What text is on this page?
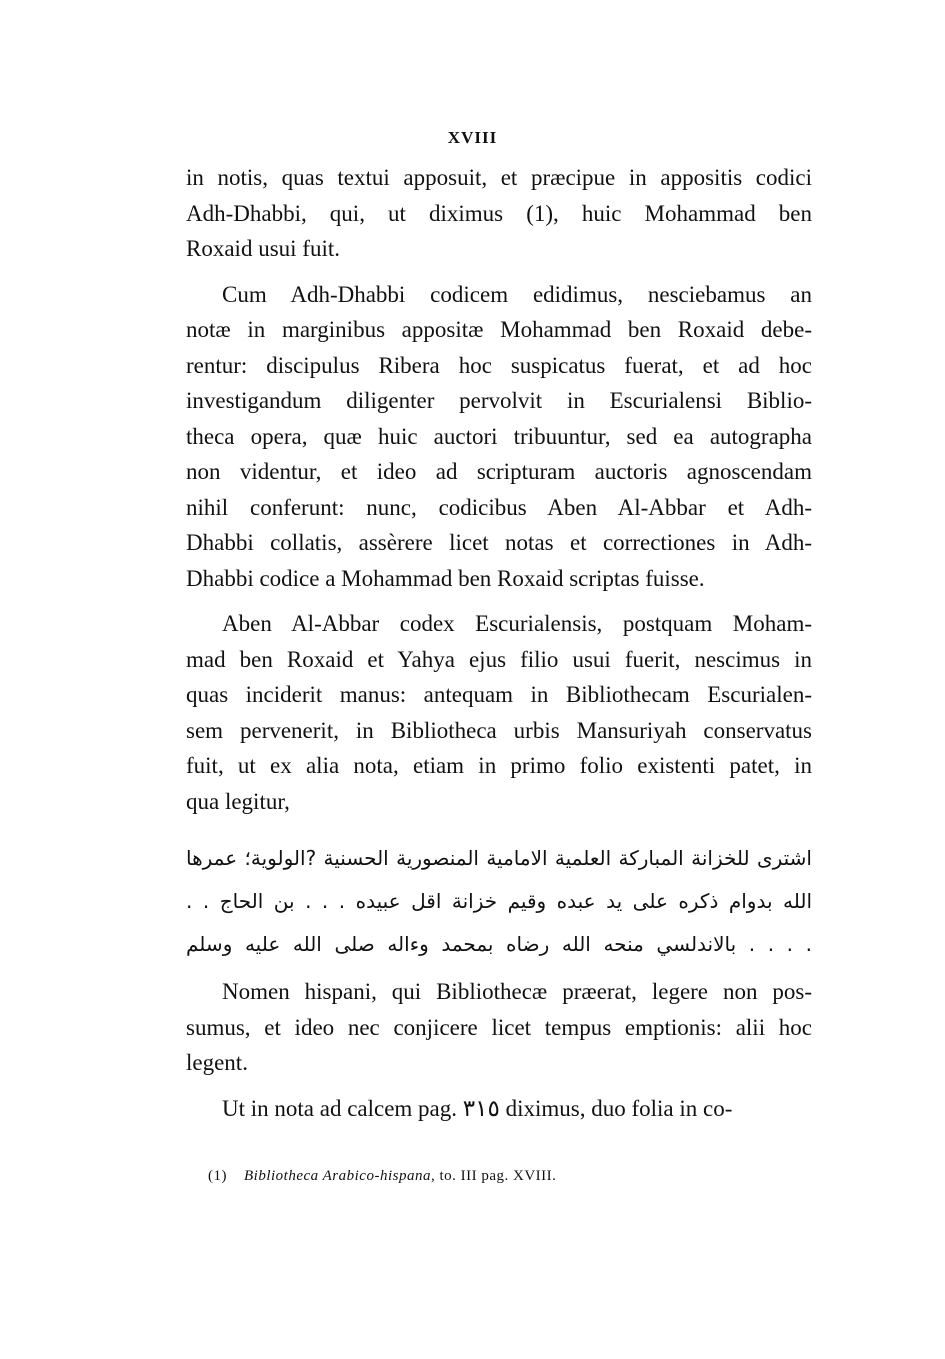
XVIII

in notis, quas textui apposuit, et præcipue in appositis codici
Adh-Dhabbi, qui, ut diximus (1), huic Mohammad ben
Roxaid usui fuit.

Cum Adh-Dhabbi codicem edidimus, nesciebamus an
notæ in marginibus appositæ Mohammad ben Roxaid debe-
rentur: discipulus Ribera hoc suspicatus fuerat, et ad hoc
investigandum diligenter pervolvit in Escurialensi Biblio-
theca opera, quæ huic auctori tribuuntur, sed ea autographa
non videntur, et ideo ad scripturam auctoris agnoscendam
nihil conferunt: nunc, codicibus Aben Al-Abbar et Adh-
Dhabbi collatis, assèrere licet notas et correctiones in Adh-
Dhabbi codice a Mohammad ben Roxaid scriptas fuisse.

Aben Al-Abbar codex Escurialensis, postquam Moham-
mad ben Roxaid et Yahya ejus filio usui fuerit, nescimus in
quas inciderit manus: antequam in Bibliothecam Escurialen-
sem pervenerit, in Bibliotheca urbis Mansuriyah conservatus
fuit, ut ex alia nota, etiam in primo folio existenti patet, in
qua legitur,

اشترى للخزانة المباركة العلمية الامامية المنصورية الحسنية ?الولوية؛ عمرها
الله بدوام ذكره على يد عبده وقيم خزانة اقل عبيده . . . بن الحاج . .
. . . . بالاندلسي منحه الله رضاه بمحمد وءاله صلى الله عليه وسلم

Nomen hispani, qui Bibliothecæ præerat, legere non pos-
sumus, et ideo nec conjicere licet tempus emptionis: alii hoc
legent.

Ut in nota ad calcem pag. ٣١٥ diximus, duo folia in co-

(1) Bibliotheca Arabico-hispana, to. III pag. XVIII.
